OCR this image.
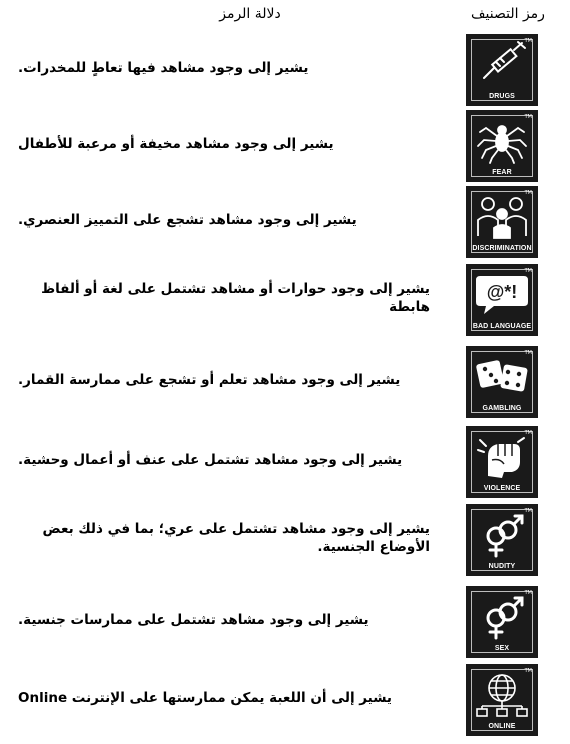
رمز التصنيف
دلالة الرمز
TM
DRUGS
يشير إلى وجود مشاهد فيها تعاطٍ للمخدرات.
TM
FEAR
يشير إلى وجود مشاهد مخيفة أو مرعبة للأطفال
TM
DISCRIMINATION
يشير إلى وجود مشاهد تشجع على التمييز العنصري.
TM
@*!
BAD LANGUAGE
يشير إلى وجود حوارات أو مشاهد تشتمل على لغة أو ألفاظ هابطة
TM
GAMBLING
يشير إلى وجود مشاهد تعلم أو تشجع على ممارسة القمار.
TM
VIOLENCE
يشير إلى وجود مشاهد تشتمل على عنف أو أعمال وحشية.
TM
NUDITY
يشير إلى وجود مشاهد تشتمل على عري؛ بما في ذلك بعض الأوضاع الجنسية.
TM
SEX
يشير إلى وجود مشاهد تشتمل على ممارسات جنسية.
TM
ONLINE
يشير إلى أن اللعبة يمكن ممارستها على الإنترنت Online
